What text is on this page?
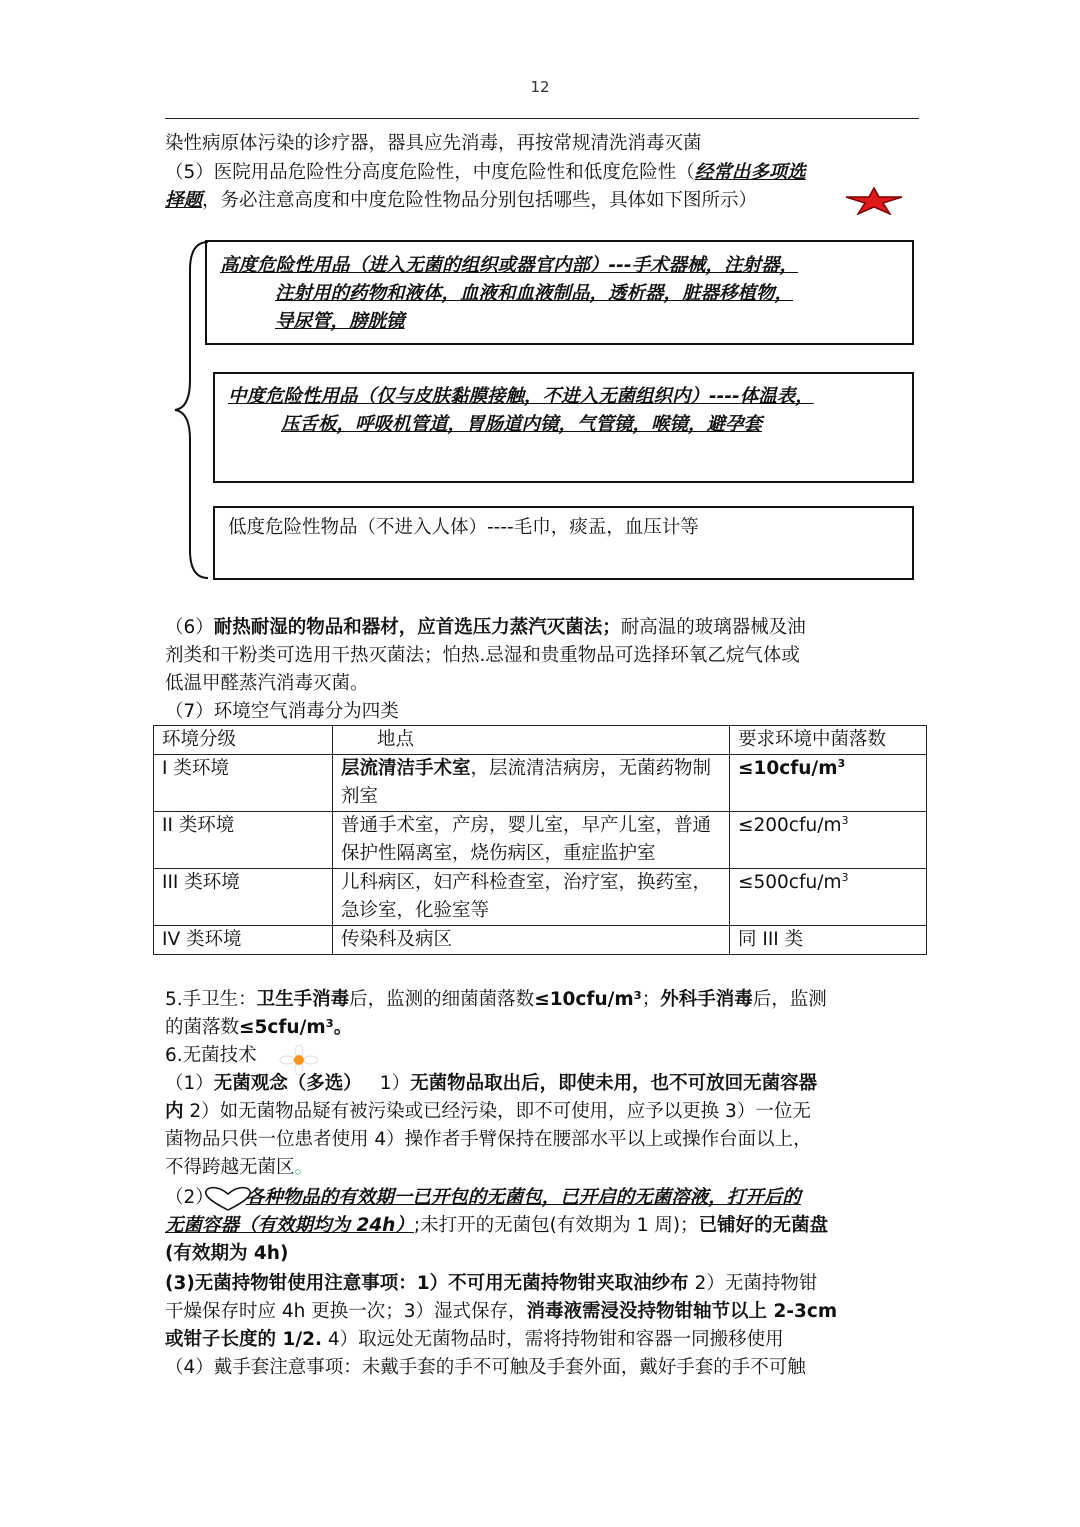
12
染性病原体污染的诊疗器，器具应先消毒，再按常规清洗消毒灭菌
（5）医院用品危险性分高度危险性，中度危险性和低度危险性（经常出多项选
择题，务必注意高度和中度危险性物品分别包括哪些，具体如下图所示）
高度危险性用品（进入无菌的组织或器官内部）---手术器械，注射器，
注射用的药物和液体，血液和血液制品，透析器，脏器移植物，
导尿管，膀胱镜
中度危险性用品（仅与皮肤黏膜接触，不进入无菌组织内）----体温表，
压舌板，呼吸机管道，胃肠道内镜，气管镜，喉镜，避孕套
低度危险性物品（不进入人体）----毛巾，痰盂，血压计等
（6）耐热耐湿的物品和器材，应首选压力蒸汽灭菌法；耐高温的玻璃器械及油
剂类和干粉类可选用干热灭菌法；怕热.忌湿和贵重物品可选择环氧乙烷气体或
低温甲醛蒸汽消毒灭菌。
（7）环境空气消毒分为四类
环境分级	地点	要求环境中菌落数
I 类环境	层流清洁手术室，层流清洁病房，无菌药物制剂室	$\le 10cfu/m^3$
II 类环境	普通手术室，产房，婴儿室，早产儿室，普通保护性隔离室，烧伤病区，重症监护室	$\le 200cfu/m^3$
III 类环境	儿科病区，妇产科检查室，治疗室，换药室，急诊室，化验室等	$\le 500cfu/m^3$
IV 类环境	传染科及病区	同 III 类
5.手卫生：卫生手消毒后，监测的细菌菌落数≤10cfu/m³；外科手消毒后，监测
的菌落数≤5cfu/m³。
6.无菌技术
（1）无菌观念（多选） 1）无菌物品取出后，即使未用，也不可放回无菌容器
内 2）如无菌物品疑有被污染或已经污染，即不可使用，应予以更换 3）一位无
菌物品只供一位患者使用 4）操作者手臂保持在腰部水平以上或操作台面以上，
不得跨越无菌区。
（2） 各种物品的有效期一已开包的无菌包，已开启的无菌溶液，打开后的
无菌容器（有效期均为 24h）;未打开的无菌包(有效期为 1 周)；已铺好的无菌盘
(有效期为 4h)
(3)无菌持物钳使用注意事项：1）不可用无菌持物钳夹取油纱布 2）无菌持物钳
干燥保存时应 4h 更换一次；3）湿式保存，消毒液需浸没持物钳轴节以上 2-3cm
或钳子长度的 1/2. 4）取远处无菌物品时，需将持物钳和容器一同搬移使用
（4）戴手套注意事项：未戴手套的手不可触及手套外面，戴好手套的手不可触
